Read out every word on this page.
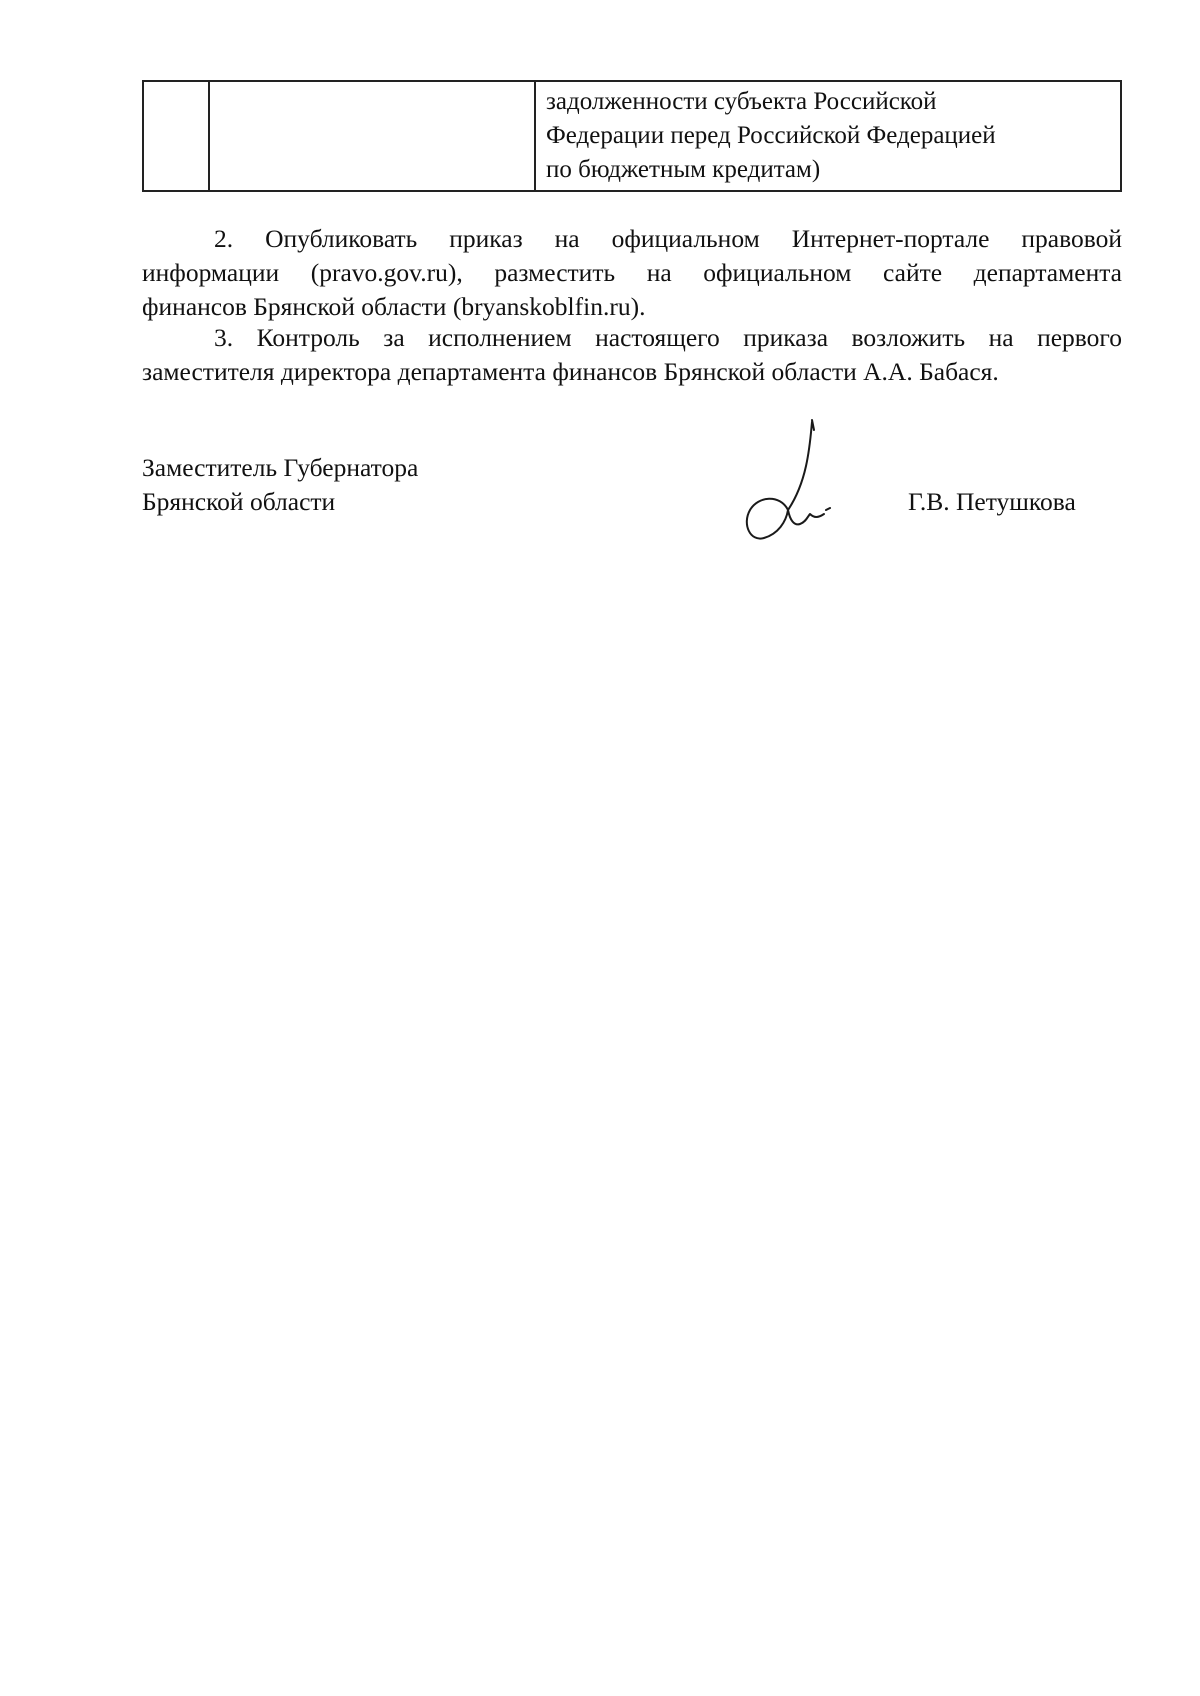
задолженности субъекта Российской
Федерации перед Российской Федерацией
по бюджетным кредитам)

2. Опубликовать приказ на официальном Интернет-портале правовой
информации (pravo.gov.ru), разместить на официальном сайте департамента
финансов Брянской области (bryanskoblfin.ru).

3. Контроль за исполнением настоящего приказа возложить на первого
заместителя директора департамента финансов Брянской области А.А. Бабася.

Заместитель Губернатора
Брянской области	Г.В. Петушкова
